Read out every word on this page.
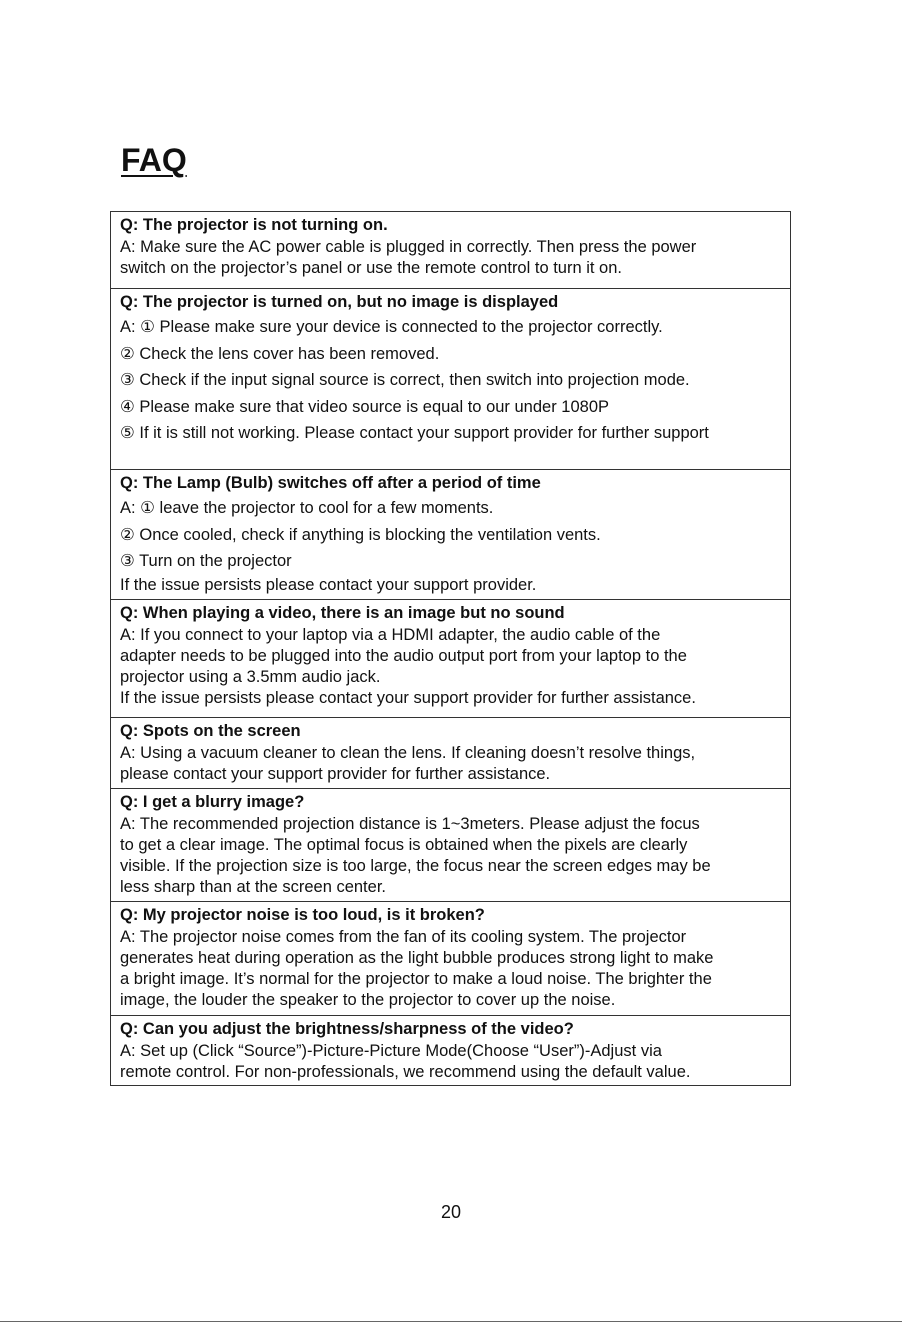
FAQ
Q: The projector is not turning on.
A: Make sure the AC power cable is plugged in correctly. Then press the power
switch on the projector’s panel or use the remote control to turn it on.
Q: The projector is turned on, but no image is displayed
A: ① Please make sure your device is connected to the projector correctly.
② Check the lens cover has been removed.
③ Check if the input signal source is correct, then switch into projection mode.
④ Please make sure that video source is equal to our under 1080P
⑤ If it is still not working. Please contact your support provider for further support
Q: The Lamp (Bulb) switches off after a period of time
A: ① leave the projector to cool for a few moments.
② Once cooled, check if anything is blocking the ventilation vents.
③ Turn on the projector
If the issue persists please contact your support provider.
Q: When playing a video, there is an image but no sound
A: If you connect to your laptop via a HDMI adapter, the audio cable of the
adapter needs to be plugged into the audio output port from your laptop to the
projector using a 3.5mm audio jack.
If the issue persists please contact your support provider for further assistance.
Q: Spots on the screen
A: Using a vacuum cleaner to clean the lens. If cleaning doesn’t resolve things,
please contact your support provider for further assistance.
Q: I get a blurry image?
A: The recommended projection distance is 1~3meters. Please adjust the focus
to get a clear image. The optimal focus is obtained when the pixels are clearly
visible. If the projection size is too large, the focus near the screen edges may be
less sharp than at the screen center.
Q: My projector noise is too loud, is it broken?
A: The projector noise comes from the fan of its cooling system. The projector
generates heat during operation as the light bubble produces strong light to make
a bright image. It’s normal for the projector to make a loud noise. The brighter the
image, the louder the speaker to the projector to cover up the noise.
Q: Can you adjust the brightness/sharpness of the video?
A: Set up (Click “Source”)-Picture-Picture Mode(Choose “User”)-Adjust via
remote control. For non-professionals, we recommend using the default value.
20
